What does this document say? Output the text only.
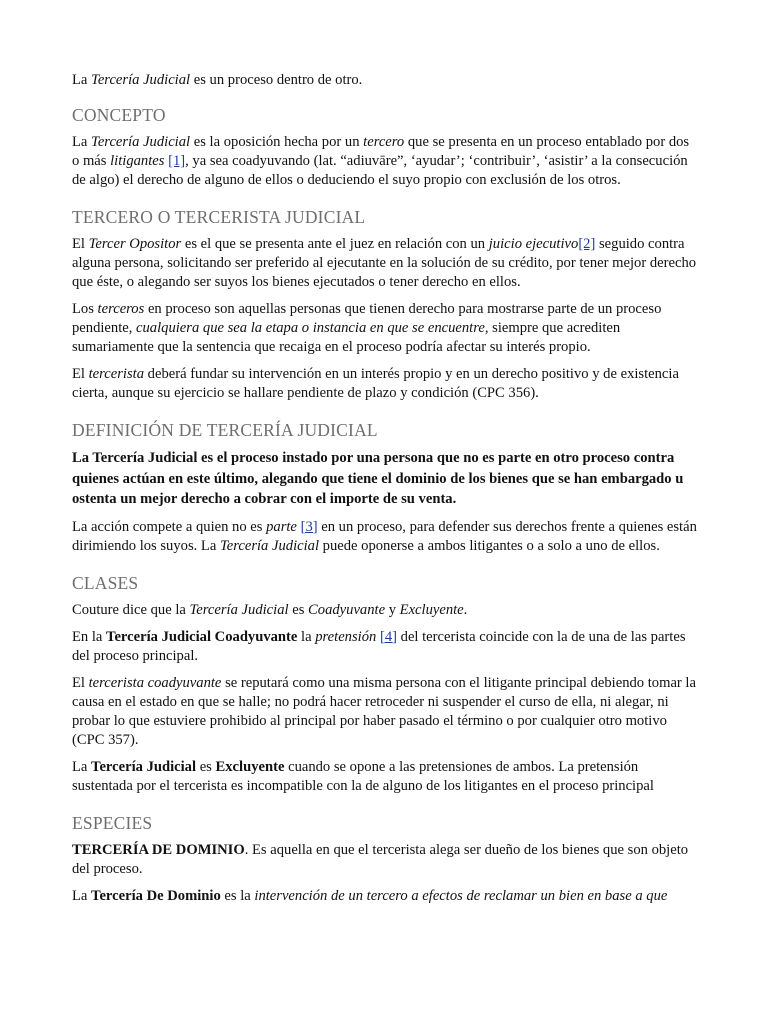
La Tercería Judicial es un proceso dentro de otro.

CONCEPTO

La Tercería Judicial es la oposición hecha por un tercero que se presenta en un proceso entablado por dos o más litigantes [1], ya sea coadyuvando (lat. “adiuvāre”, ‘ayudar’; ‘contribuir’, ‘asistir’ a la consecución de algo) el derecho de alguno de ellos o deduciendo el suyo propio con exclusión de los otros.

TERCERO O TERCERISTA JUDICIAL

El Tercer Opositor es el que se presenta ante el juez en relación con un juicio ejecutivo[2] seguido contra alguna persona, solicitando ser preferido al ejecutante en la solución de su crédito, por tener mejor derecho que éste, o alegando ser suyos los bienes ejecutados o tener derecho en ellos.

Los terceros en proceso son aquellas personas que tienen derecho para mostrarse parte de un proceso pendiente, cualquiera que sea la etapa o instancia en que se encuentre, siempre que acrediten sumariamente que la sentencia que recaiga en el proceso podría afectar su interés propio.

El tercerista deberá fundar su intervención en un interés propio y en un derecho positivo y de existencia cierta, aunque su ejercicio se hallare pendiente de plazo y condición (CPC 356).

DEFINICIÓN DE TERCERÍA JUDICIAL

La Tercería Judicial es el proceso instado por una persona que no es parte en otro proceso contra quienes actúan en este último, alegando que tiene el dominio de los bienes que se han embargado u ostenta un mejor derecho a cobrar con el importe de su venta.

La acción compete a quien no es parte [3] en un proceso, para defender sus derechos frente a quienes están dirimiendo los suyos. La Tercería Judicial puede oponerse a ambos litigantes o a solo a uno de ellos.

CLASES

Couture dice que la Tercería Judicial es Coadyuvante y Excluyente.

En la Tercería Judicial Coadyuvante la pretensión [4] del tercerista coincide con la de una de las partes del proceso principal.

El tercerista coadyuvante se reputará como una misma persona con el litigante principal debiendo tomar la causa en el estado en que se halle; no podrá hacer retroceder ni suspender el curso de ella, ni alegar, ni probar lo que estuviere prohibido al principal por haber pasado el término o por cualquier otro motivo (CPC 357).

La Tercería Judicial es Excluyente cuando se opone a las pretensiones de ambos. La pretensión sustentada por el tercerista es incompatible con la de alguno de los litigantes en el proceso principal

ESPECIES

TERCERÍA DE DOMINIO. Es aquella en que el tercerista alega ser dueño de los bienes que son objeto del proceso.

La Tercería De Dominio es la intervención de un tercero a efectos de reclamar un bien en base a que
